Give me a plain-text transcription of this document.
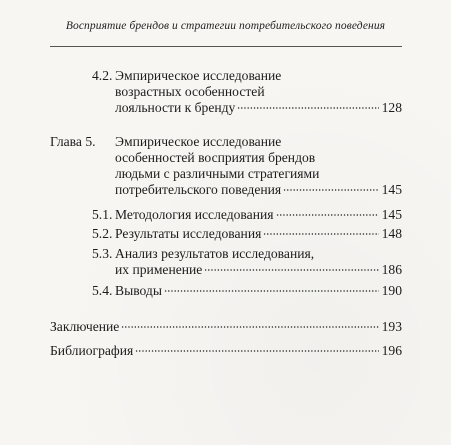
Восприятие брендов и стратегии потребительского поведения
4.2. Эмпирическое исследование
возрастных особенностей
лояльности к бренду	128
Глава 5. Эмпирическое исследование
особенностей восприятия брендов
людьми с различными стратегиями
потребительского поведения	145
5.1. Методология исследования	145
5.2. Результаты исследования	148
5.3. Анализ результатов исследования,
их применение	186
5.4. Выводы	190
Заключение	193
Библиография	196
